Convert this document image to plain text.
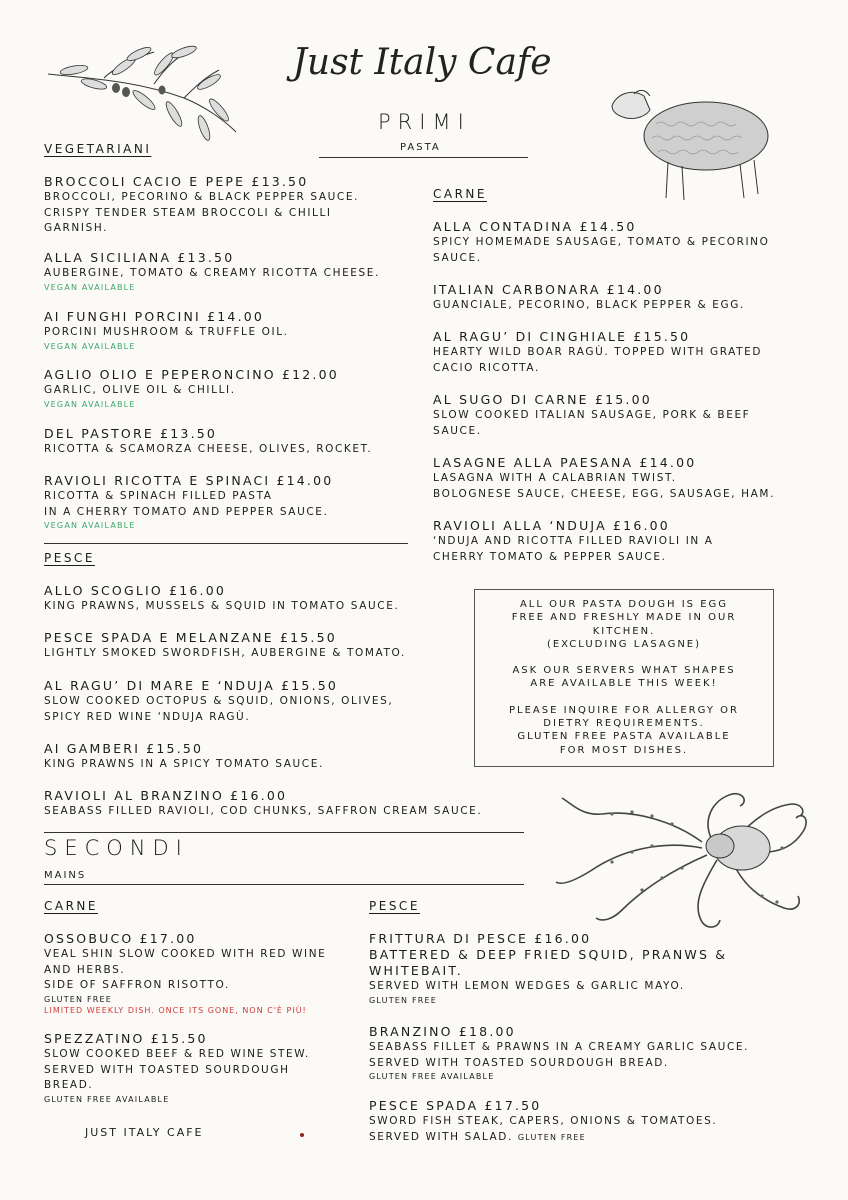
Just Italy Cafe
PRIMI
PASTA
VEGETARIANI
BROCCOLI CACIO E PEPE £13.50
BROCCOLI, PECORINO & BLACK PEPPER SAUCE.
CRISPY TENDER STEAM BROCCOLI & CHILLI
GARNISH.
ALLA SICILIANA £13.50
AUBERGINE, TOMATO & CREAMY RICOTTA CHEESE.
VEGAN AVAILABLE
AI FUNGHI PORCINI £14.00
PORCINI MUSHROOM & TRUFFLE OIL.
VEGAN AVAILABLE
AGLIO OLIO E PEPERONCINO £12.00
GARLIC, OLIVE OIL & CHILLI.
VEGAN AVAILABLE
DEL PASTORE £13.50
RICOTTA & SCAMORZA CHEESE, OLIVES, ROCKET.
RAVIOLI RICOTTA E SPINACI £14.00
RICOTTA & SPINACH FILLED PASTA
IN A CHERRY TOMATO AND PEPPER SAUCE.
VEGAN AVAILABLE
PESCE
ALLO SCOGLIO £16.00
KING PRAWNS, MUSSELS & SQUID IN TOMATO SAUCE.
PESCE SPADA E MELANZANE £15.50
LIGHTLY SMOKED SWORDFISH, AUBERGINE & TOMATO.
AL RAGU’ DI MARE E ‘NDUJA £15.50
SLOW COOKED OCTOPUS & SQUID, ONIONS, OLIVES,
SPICY RED WINE ‘NDUJA RAGÙ.
AI GAMBERI £15.50
KING PRAWNS IN A SPICY TOMATO SAUCE.
RAVIOLI AL BRANZINO £16.00
SEABASS FILLED RAVIOLI, COD CHUNKS, SAFFRON CREAM SAUCE.
CARNE
ALLA CONTADINA £14.50
SPICY HOMEMADE SAUSAGE, TOMATO & PECORINO
SAUCE.
ITALIAN CARBONARA £14.00
GUANCIALE, PECORINO, BLACK PEPPER & EGG.
AL RAGU’ DI CINGHIALE £15.50
HEARTY WILD BOAR RAGÙ. TOPPED WITH GRATED
CACIO RICOTTA.
AL SUGO DI CARNE £15.00
SLOW COOKED ITALIAN SAUSAGE, PORK & BEEF
SAUCE.
LASAGNE ALLA PAESANA £14.00
LASAGNA WITH A CALABRIAN TWIST.
BOLOGNESE SAUCE, CHEESE, EGG, SAUSAGE, HAM.
RAVIOLI ALLA ‘NDUJA £16.00
‘NDUJA AND RICOTTA FILLED RAVIOLI IN A
CHERRY TOMATO & PEPPER SAUCE.

ALL OUR PASTA DOUGH IS EGG
FREE AND FRESHLY MADE IN OUR
KITCHEN.
(EXCLUDING LASAGNE)

ASK OUR SERVERS WHAT SHAPES
ARE AVAILABLE THIS WEEK!

PLEASE INQUIRE FOR ALLERGY OR
DIETRY REQUIREMENTS.
GLUTEN FREE PASTA AVAILABLE
FOR MOST DISHES.

SECONDI
MAINS
CARNE
OSSOBUCO £17.00
VEAL SHIN SLOW COOKED WITH RED WINE
AND HERBS.
SIDE OF SAFFRON RISOTTO.
GLUTEN FREE
LIMITED WEEKLY DISH. ONCE ITS GONE, NON C'È PIÙ!
SPEZZATINO £15.50
SLOW COOKED BEEF & RED WINE STEW.
SERVED WITH TOASTED SOURDOUGH
BREAD.
GLUTEN FREE AVAILABLE
PESCE
FRITTURA DI PESCE £16.00
BATTERED & DEEP FRIED SQUID, PRANWS &
WHITEBAIT.
SERVED WITH LEMON WEDGES & GARLIC MAYO.
GLUTEN FREE
BRANZINO £18.00
SEABASS FILLET & PRAWNS IN A CREAMY GARLIC SAUCE.
SERVED WITH TOASTED SOURDOUGH BREAD.
GLUTEN FREE AVAILABLE
PESCE SPADA £17.50
SWORD FISH STEAK, CAPERS, ONIONS & TOMATOES.
SERVED WITH SALAD. GLUTEN FREE
JUST ITALY CAFE
